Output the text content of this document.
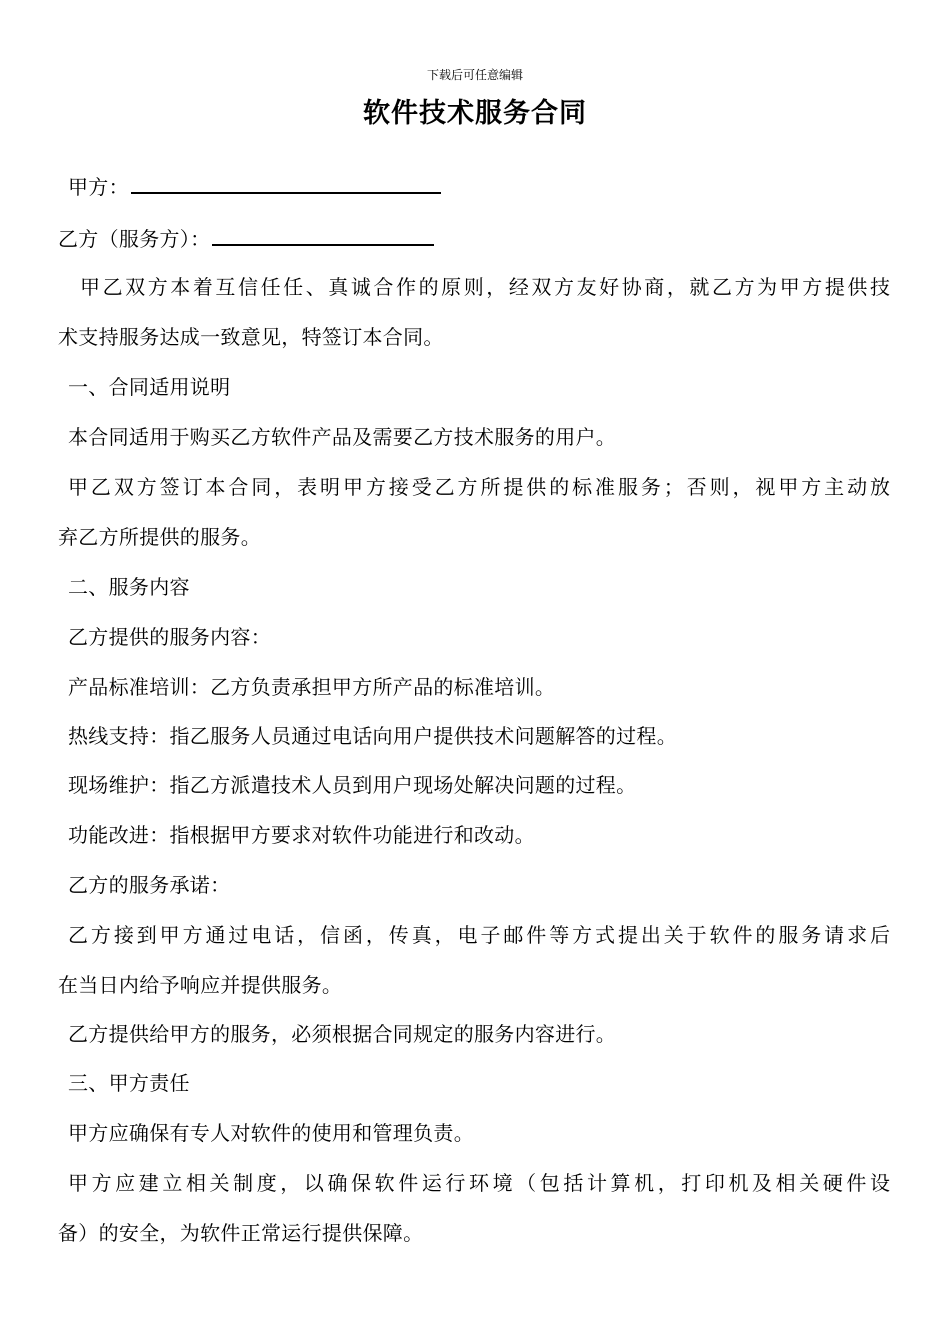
下载后可任意编辑
软件技术服务合同
甲方：
乙方（服务方）：
甲乙双方本着互信任任、真诚合作的原则，经双方友好协商，就乙方为甲方提供技
术支持服务达成一致意见，特签订本合同。
一、合同适用说明
本合同适用于购买乙方软件产品及需要乙方技术服务的用户。
甲乙双方签订本合同，表明甲方接受乙方所提供的标准服务；否则，视甲方主动放
弃乙方所提供的服务。
二、服务内容
乙方提供的服务内容：
产品标准培训：乙方负责承担甲方所产品的标准培训。
热线支持：指乙服务人员通过电话向用户提供技术问题解答的过程。
现场维护：指乙方派遣技术人员到用户现场处解决问题的过程。
功能改进：指根据甲方要求对软件功能进行和改动。
乙方的服务承诺：
乙方接到甲方通过电话，信函，传真，电子邮件等方式提出关于软件的服务请求后
在当日内给予响应并提供服务。
乙方提供给甲方的服务，必须根据合同规定的服务内容进行。
三、甲方责任
甲方应确保有专人对软件的使用和管理负责。
甲方应建立相关制度，以确保软件运行环境（包括计算机，打印机及相关硬件设
备）的安全，为软件正常运行提供保障。
